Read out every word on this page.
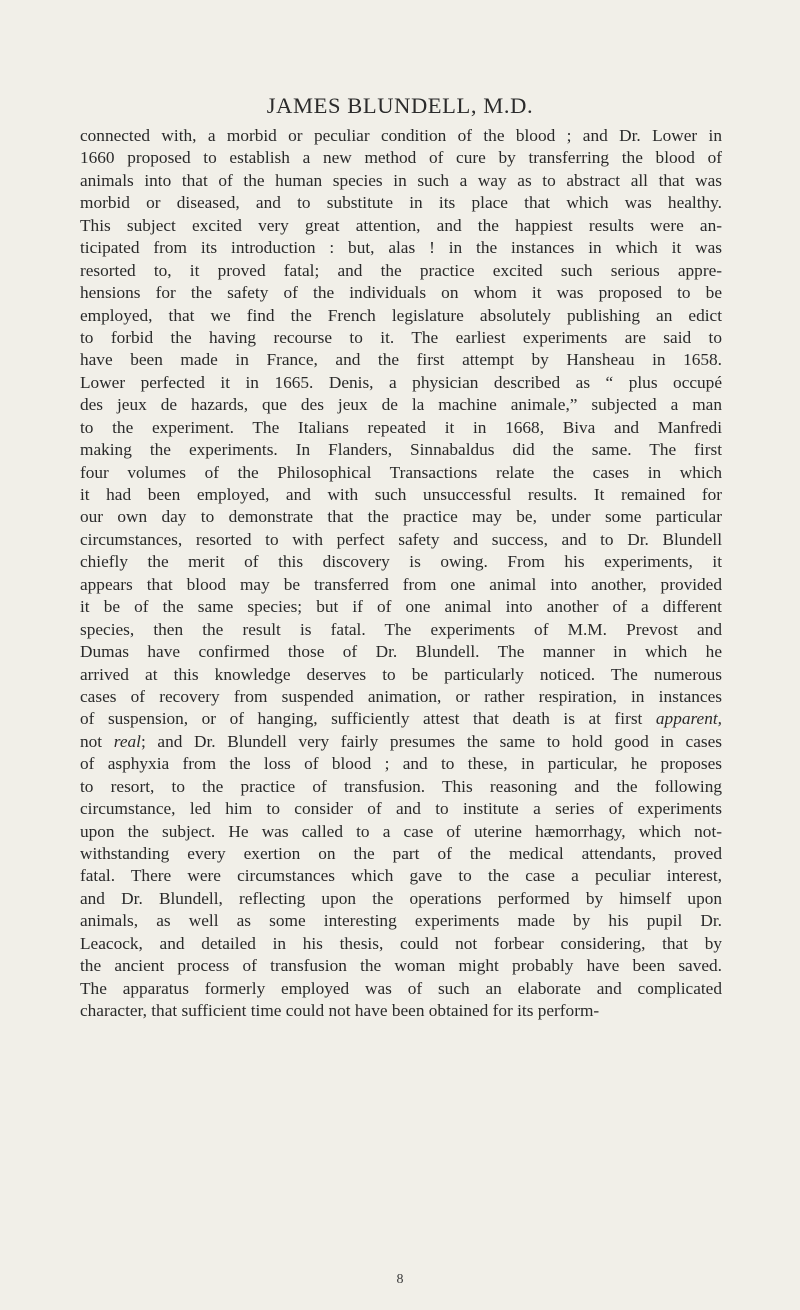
JAMES BLUNDELL, M.D.
connected with, a morbid or peculiar condition of the blood ; and Dr. Lower in
1660 proposed to establish a new method of cure by transferring the blood of
animals into that of the human species in such a way as to abstract all that was
morbid or diseased, and to substitute in its place that which was healthy.
This subject excited very great attention, and the happiest results were an-
ticipated from its introduction : but, alas ! in the instances in which it was
resorted to, it proved fatal; and the practice excited such serious appre-
hensions for the safety of the individuals on whom it was proposed to be
employed, that we find the French legislature absolutely publishing an edict
to forbid the having recourse to it. The earliest experiments are said to
have been made in France, and the first attempt by Hansheau in 1658.
Lower perfected it in 1665. Denis, a physician described as “ plus occupé
des jeux de hazards, que des jeux de la machine animale,” subjected a man
to the experiment. The Italians repeated it in 1668, Biva and Manfredi
making the experiments. In Flanders, Sinnabaldus did the same. The first
four volumes of the Philosophical Transactions relate the cases in which
it had been employed, and with such unsuccessful results. It remained for
our own day to demonstrate that the practice may be, under some particular
circumstances, resorted to with perfect safety and success, and to Dr. Blundell
chiefly the merit of this discovery is owing. From his experiments, it
appears that blood may be transferred from one animal into another, provided
it be of the same species; but if of one animal into another of a different
species, then the result is fatal. The experiments of M.M. Prevost and
Dumas have confirmed those of Dr. Blundell. The manner in which he
arrived at this knowledge deserves to be particularly noticed. The numerous
cases of recovery from suspended animation, or rather respiration, in instances
of suspension, or of hanging, sufficiently attest that death is at first apparent,
not real; and Dr. Blundell very fairly presumes the same to hold good in cases
of asphyxia from the loss of blood ; and to these, in particular, he proposes
to resort, to the practice of transfusion. This reasoning and the following
circumstance, led him to consider of and to institute a series of experiments
upon the subject. He was called to a case of uterine hæmorrhagy, which not-
withstanding every exertion on the part of the medical attendants, proved
fatal. There were circumstances which gave to the case a peculiar interest,
and Dr. Blundell, reflecting upon the operations performed by himself upon
animals, as well as some interesting experiments made by his pupil Dr.
Leacock, and detailed in his thesis, could not forbear considering, that by
the ancient process of transfusion the woman might probably have been saved.
The apparatus formerly employed was of such an elaborate and complicated
character, that sufficient time could not have been obtained for its perform-
8
